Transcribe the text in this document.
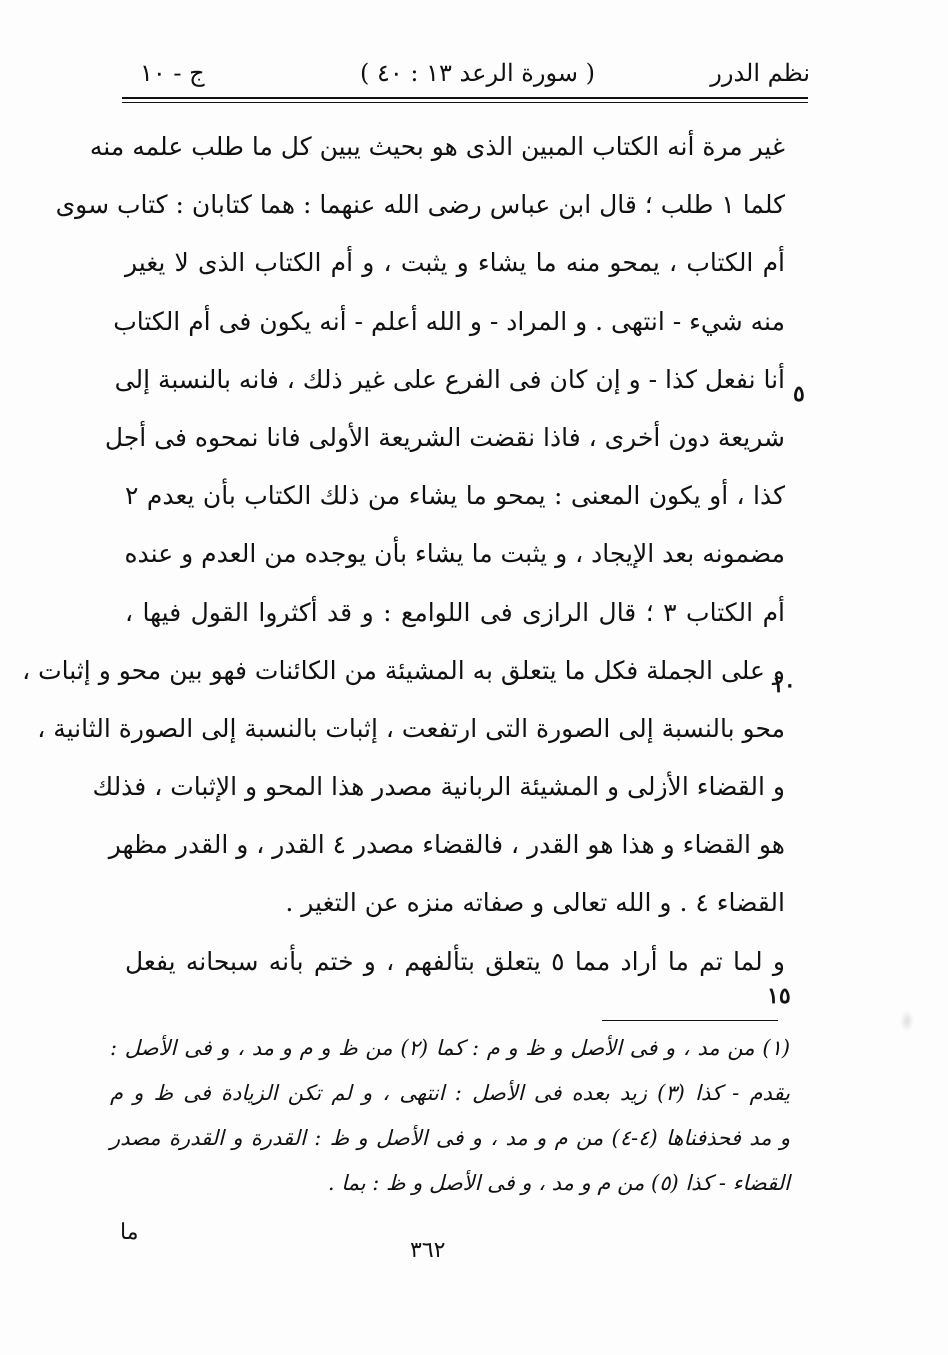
نظم الدرر
( سورة الرعد ١٣ : ٤٠ )
ج - ١٠
٥
١٠
١٥
غير مرة أنه الكتاب المبين الذى هو بحيث يبين كل ما طلب علمه منه
كلما ١ طلب ؛ قال ابن عباس رضى الله عنهما : هما كتابان : كتاب سوى
أم الكتاب ، يمحو منه ما يشاء و يثبت ، و أم الكتاب الذى لا يغير
منه شيء - انتهى . و المراد - و الله أعلم - أنه يكون فى أم الكتاب
أنا نفعل كذا - و إن كان فى الفرع على غير ذلك ، فانه بالنسبة إلى
شريعة دون أخرى ، فاذا نقضت الشريعة الأولى فانا نمحوه فى أجل
كذا ، أو يكون المعنى : يمحو ما يشاء من ذلك الكتاب بأن يعدم ٢
مضمونه بعد الإيجاد ، و يثبت ما يشاء بأن يوجده من العدم و عنده
أم الكتاب ٣ ؛ قال الرازى فى اللوامع : و قد أكثروا القول فيها ،
و على الجملة فكل ما يتعلق به المشيئة من الكائنات فهو بين محو و إثبات ،
محو بالنسبة إلى الصورة التى ارتفعت ، إثبات بالنسبة إلى الصورة الثانية ،
و القضاء الأزلى و المشيئة الربانية مصدر هذا المحو و الإثبات ، فذلك
هو القضاء و هذا هو القدر ، فالقضاء مصدر ٤ القدر ، و القدر مظهر
القضاء ٤ . و الله تعالى و صفاته منزه عن التغير .
و لما تم ما أراد مما ٥ يتعلق بتألفهم ، و ختم بأنه سبحانه يفعل
(١) من مد ، و فى الأصل و ظ و م : كما (٢) من ظ و م و مد ، و فى الأصل :
يقدم - كذا (٣) زيد بعده فى الأصل : انتهى ، و لم تكن الزيادة فى ظ و م
و مد فحذفناها (٤-٤) من م و مد ، و فى الأصل و ظ : القدرة و القدرة مصدر
القضاء - كذا (٥) من م و مد ، و فى الأصل و ظ : بما .
ما
٣٦٢
